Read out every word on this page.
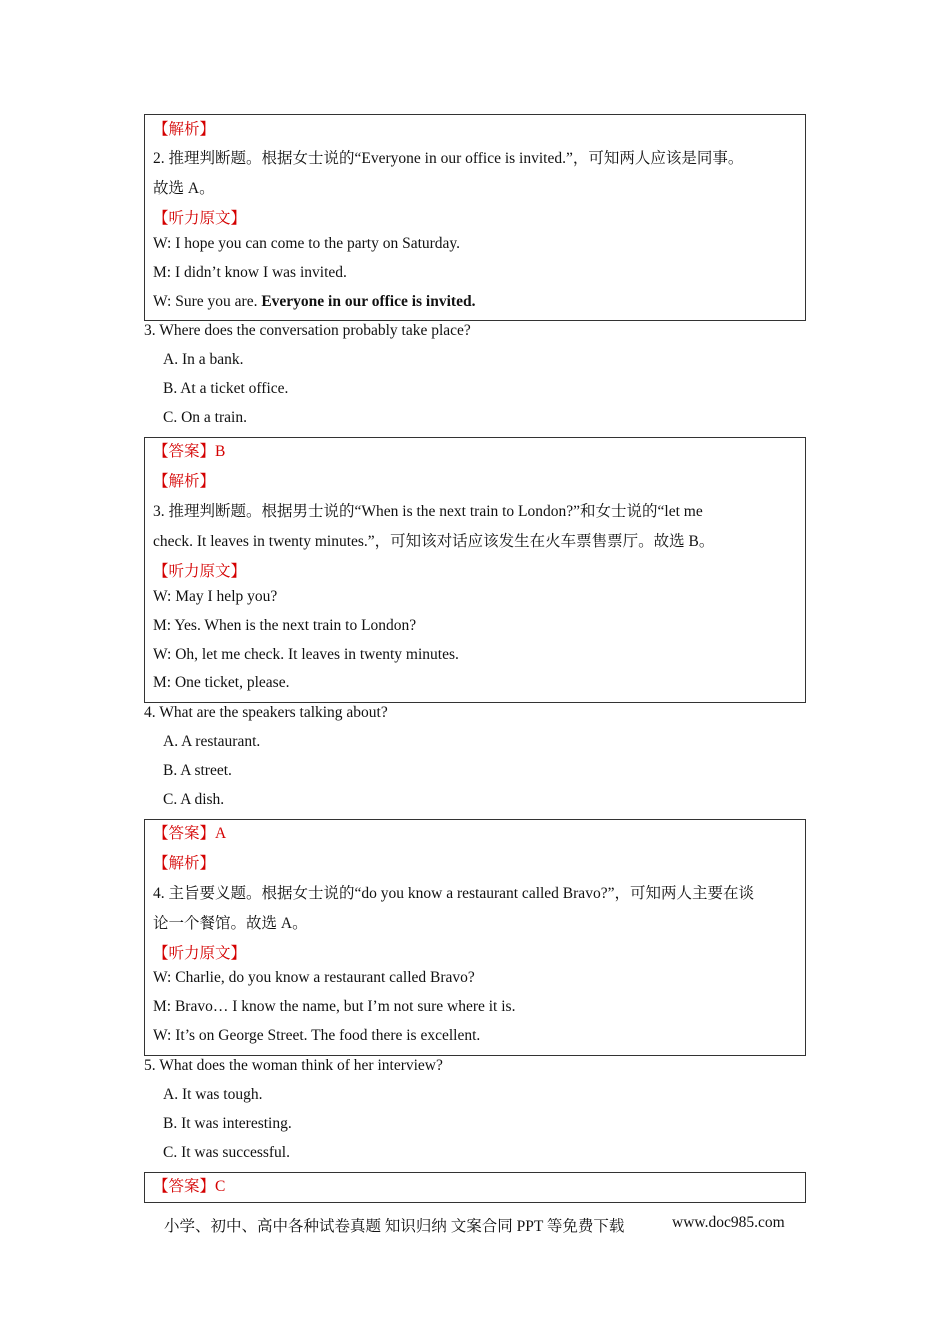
【解析】
2. 推理判断题。根据女士说的“Everyone in our office is invited.”，可知两人应该是同事。
故选 A。
【听力原文】
W: I hope you can come to the party on Saturday.
M: I didn’t know I was invited.
W: Sure you are. Everyone in our office is invited.
3. Where does the conversation probably take place?
A. In a bank.
B. At a ticket office.
C. On a train.
【答案】B
【解析】
3. 推理判断题。根据男士说的“When is the next train to London?”和女士说的“let me
check. It leaves in twenty minutes.”，可知该对话应该发生在火车票售票厅。故选 B。
【听力原文】
W: May I help you?
M: Yes. When is the next train to London?
W: Oh, let me check. It leaves in twenty minutes.
M: One ticket, please.
4. What are the speakers talking about?
A. A restaurant.
B. A street.
C. A dish.
【答案】A
【解析】
4. 主旨要义题。根据女士说的“do you know a restaurant called Bravo?”，可知两人主要在谈
论一个餐馆。故选 A。
【听力原文】
W: Charlie, do you know a restaurant called Bravo?
M: Bravo… I know the name, but I’m not sure where it is.
W: It’s on George Street. The food there is excellent.
5. What does the woman think of her interview?
A. It was tough.
B. It was interesting.
C. It was successful.
【答案】C
小学、初中、高中各种试卷真题 知识归纳 文案合同 PPT 等免费下载	www.doc985.com
